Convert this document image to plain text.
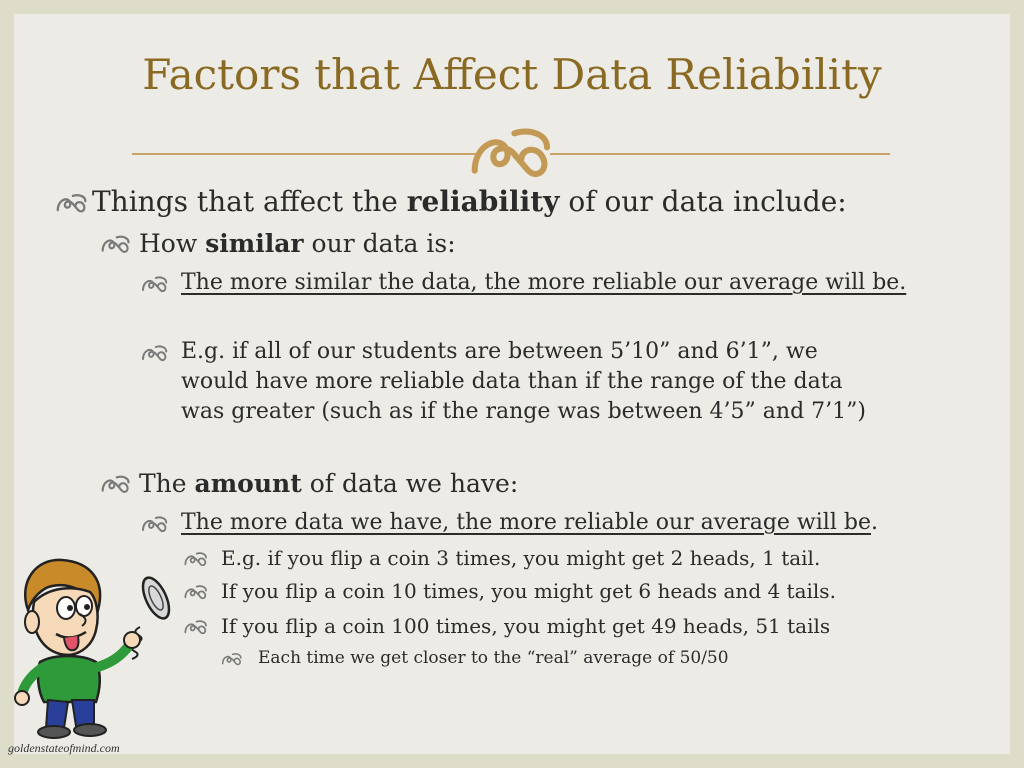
Factors that Affect Data Reliability
Things that affect the reliability of our data include:
How similar our data is:
The more similar the data, the more reliable our average will be.
E.g. if all of our students are between 5’10” and 6’1”, we
would have more reliable data than if the range of the data
was greater (such as if the range was between 4’5” and 7’1”)
The amount of data we have:
The more data we have, the more reliable our average will be.
E.g. if you flip a coin 3 times, you might get 2 heads, 1 tail.
If you flip a coin 10 times, you might get 6 heads and 4 tails.
If you flip a coin 100 times, you might get 49 heads, 51 tails
Each time we get closer to the “real” average of 50/50
goldenstateofmind.com
